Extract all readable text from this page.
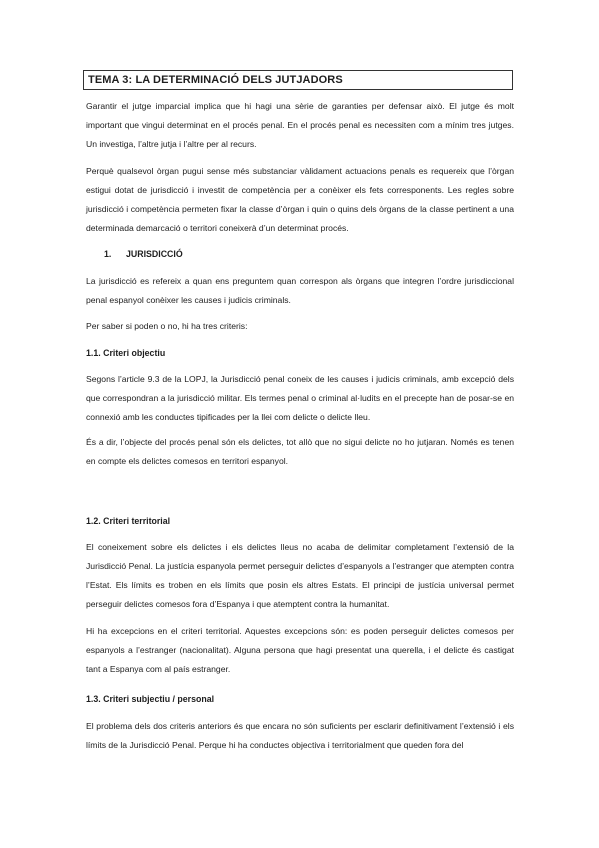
TEMA 3: LA DETERMINACIÓ DELS JUTJADORS

Garantir el jutge imparcial implica que hi hagi una sèrie de garanties per defensar això. El jutge és molt important que vingui determinat en el procés penal. En el procés penal es necessiten com a mínim tres jutges. Un investiga, l’altre jutja i l’altre per al recurs.

Perquè qualsevol òrgan pugui sense més substanciar vàlidament actuacions penals es requereix que l’òrgan estigui dotat de jurisdicció i investit de competència per a conèixer els fets corresponents. Les regles sobre jurisdicció i competència permeten fixar la classe d’òrgan i quin o quins dels òrgans de la classe pertinent a una determinada demarcació o territori coneixerà d’un determinat procés.

1. JURISDICCIÓ

La jurisdicció es refereix a quan ens preguntem quan correspon als òrgans que integren l’ordre jurisdiccional penal espanyol conèixer les causes i judicis criminals.

Per saber si poden o no, hi ha tres criteris:

1.1. Criteri objectiu

Segons l’article 9.3 de la LOPJ, la Jurisdicció penal coneix de les causes i judicis criminals, amb excepció dels que correspondran a la jurisdicció militar. Els termes penal o criminal al·ludits en el precepte han de posar-se en connexió amb les conductes tipificades per la llei com delicte o delicte lleu.

És a dir, l’objecte del procés penal són els delictes, tot allò que no sigui delicte no ho jutjaran. Només es tenen en compte els delictes comesos en territori espanyol.

1.2. Criteri territorial

El coneixement sobre els delictes i els delictes lleus no acaba de delimitar completament l’extensió de la Jurisdicció Penal. La justícia espanyola permet perseguir delictes d’espanyols a l’estranger que atempten contra l’Estat. Els límits es troben en els límits que posin els altres Estats. El principi de justícia universal permet perseguir delictes comesos fora d’Espanya i que atemptent contra la humanitat.

Hi ha excepcions en el criteri territorial. Aquestes excepcions són: es poden perseguir delictes comesos per espanyols a l’estranger (nacionalitat). Alguna persona que hagi presentat una querella, i el delicte és castigat tant a Espanya com al país estranger.

1.3. Criteri subjectiu / personal

El problema dels dos criteris anteriors és que encara no són suficients per esclarir definitivament l’extensió i els límits de la Jurisdicció Penal. Perque hi ha conductes objectiva i territorialment que queden fora del
